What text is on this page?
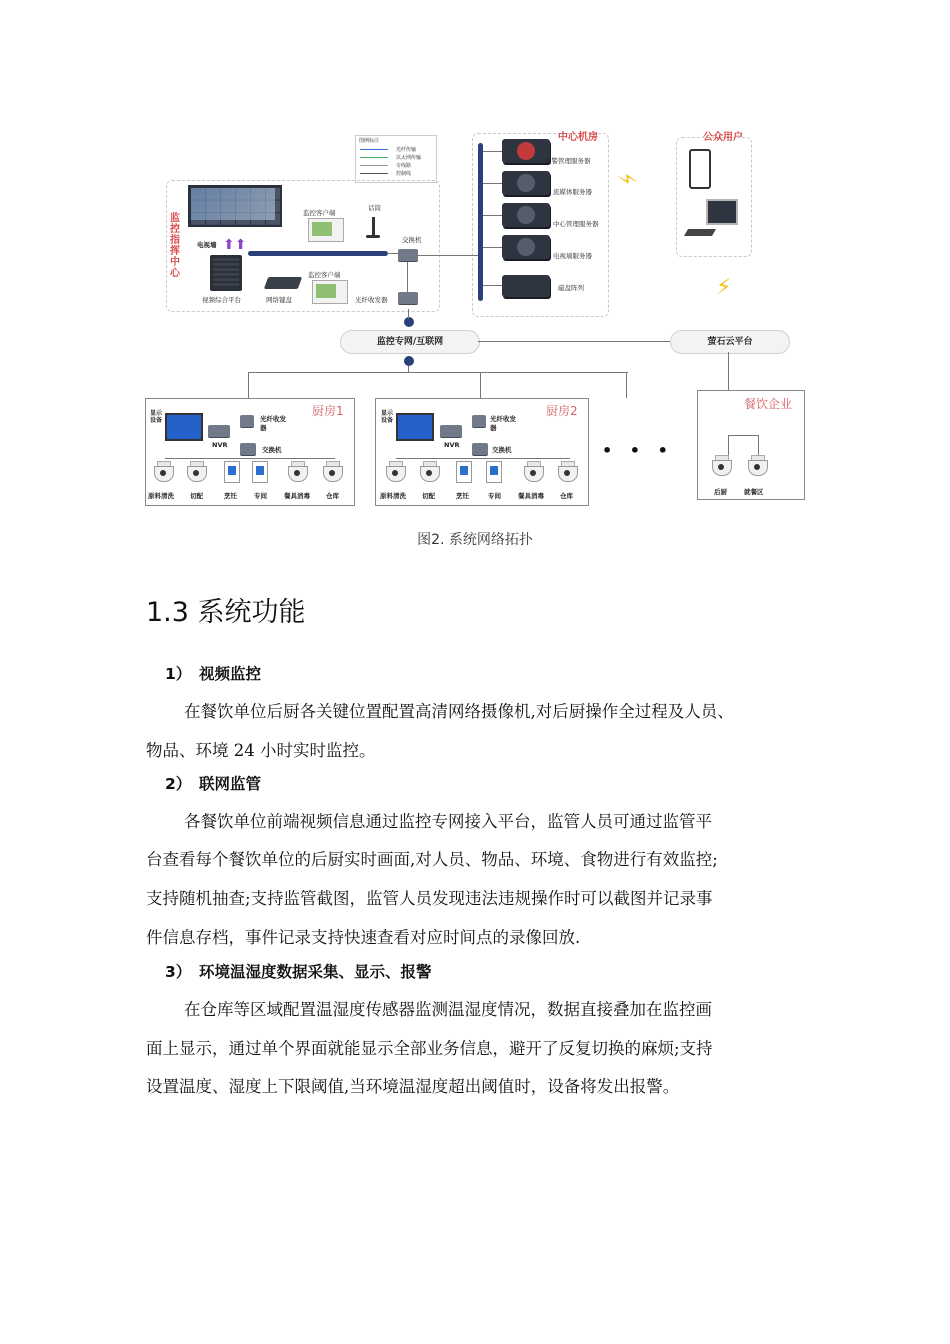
图例标注
光纤传输
以太网传输
专线路
控制线
监控指挥中心
电视墙 ⬆⬆
视频综合平台	网络键盘
监控客户端
话筒
监控客户端
交换机
光纤收发器
中心机房
报警管理服务器
流媒体服务器
中心管理服务器
电视墙服务器
磁盘阵列
公众用户
⚡
⚡
监控专网/互联网	萤石云平台
厨房1
显示设备
NVR
光纤收发器
交换机
原料清洗 切配	烹饪	专间	餐具消毒 仓库
厨房2
显示设备
NVR
光纤收发器
交换机
原料清洗 切配	烹饪	专间	餐具消毒 仓库
• • •
餐饮企业
后厨	就餐区
图2. 系统网络拓扑
1.3 系统功能
1）　视频监控
在餐饮单位后厨各关键位置配置高清网络摄像机,对后厨操作全过程及人员、
物品、环境 24 小时实时监控。
2）　联网监管
各餐饮单位前端视频信息通过监控专网接入平台，监管人员可通过监管平
台查看每个餐饮单位的后厨实时画面,对人员、物品、环境、食物进行有效监控;
支持随机抽查;支持监管截图，监管人员发现违法违规操作时可以截图并记录事
件信息存档，事件记录支持快速查看对应时间点的录像回放.
3）　环境温湿度数据采集、显示、报警
在仓库等区域配置温湿度传感器监测温湿度情况，数据直接叠加在监控画
面上显示，通过单个界面就能显示全部业务信息，避开了反复切换的麻烦;支持
设置温度、湿度上下限阈值,当环境温湿度超出阈值时，设备将发出报警。
